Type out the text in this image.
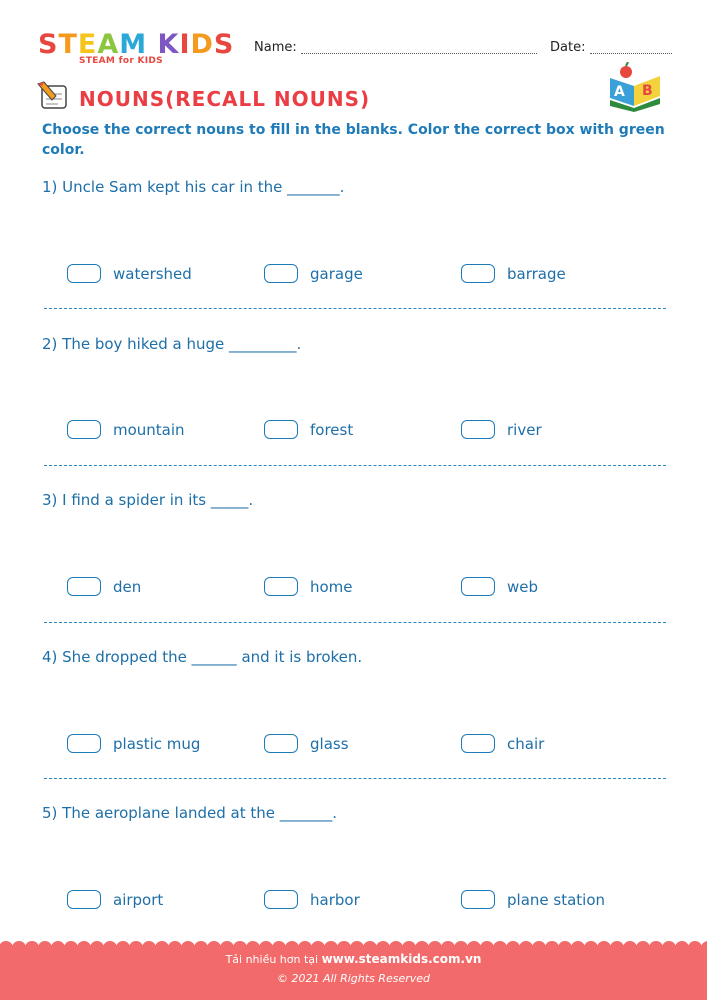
STEAM KIDS
STEAM for KIDS
Name:	Date:
A B
NOUNS(RECALL NOUNS)
Choose the correct nouns to fill in the blanks. Color the correct box with green color.
1) Uncle Sam kept his car in the _______.
watershed	garage	barrage
2) The boy hiked a huge _________.
mountain	forest	river
3) I find a spider in its _____.
den	home	web
4) She dropped the ______ and it is broken.
plastic mug	glass	chair
5) The aeroplane landed at the _______.
airport	harbor	plane station
Tải nhiều hơn tại www.steamkids.com.vn
© 2021 All Rights Reserved
